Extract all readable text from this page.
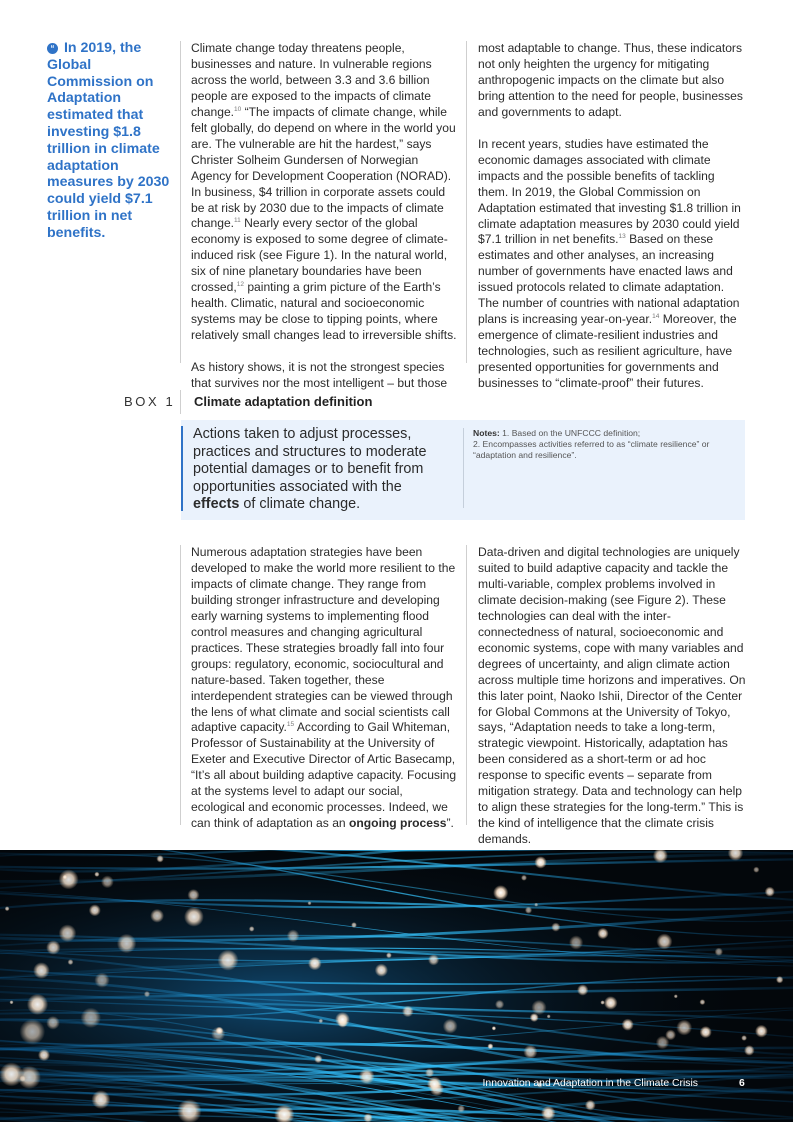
“ In 2019, the Global Commission on Adaptation estimated that investing $1.8 trillion in climate adaptation measures by 2030 could yield $7.1 trillion in net benefits.

Climate change today threatens people, businesses and nature. In vulnerable regions across the world, between 3.3 and 3.6 billion people are exposed to the impacts of climate change.$^{10}$ “The impacts of climate change, while felt globally, do depend on where in the world you are. The vulnerable are hit the hardest,” says Christer Solheim Gundersen of Norwegian Agency for Development Cooperation (NORAD). In business, $4 trillion in corporate assets could be at risk by 2030 due to the impacts of climate change.$^{11}$ Nearly every sector of the global economy is exposed to some degree of climate-induced risk (see Figure 1). In the natural world, six of nine planetary boundaries have been crossed,$^{12}$ painting a grim picture of the Earth’s health. Climatic, natural and socioeconomic systems may be close to tipping points, where relatively small changes lead to irreversible shifts.

As history shows, it is not the strongest species that survives nor the most intelligent – but those

most adaptable to change. Thus, these indicators not only heighten the urgency for mitigating anthropogenic impacts on the climate but also bring attention to the need for people, businesses and governments to adapt.

In recent years, studies have estimated the economic damages associated with climate impacts and the possible benefits of tackling them. In 2019, the Global Commission on Adaptation estimated that investing $1.8 trillion in climate adaptation measures by 2030 could yield $7.1 trillion in net benefits.$^{13}$ Based on these estimates and other analyses, an increasing number of governments have enacted laws and issued protocols related to climate adaptation. The number of countries with national adaptation plans is increasing year-on-year.$^{14}$ Moreover, the emergence of climate-resilient industries and technologies, such as resilient agriculture, have presented opportunities for governments and businesses to “climate-proof” their futures.

BOX 1 Climate adaptation definition
Actions taken to adjust processes, practices and structures to moderate potential damages or to benefit from opportunities associated with the effects of climate change.
Notes: 1. Based on the UNFCCC definition;
2. Encompasses activities referred to as “climate resilience” or “adaptation and resilience”.

Numerous adaptation strategies have been developed to make the world more resilient to the impacts of climate change. They range from building stronger infrastructure and developing early warning systems to implementing flood control measures and changing agricultural practices. These strategies broadly fall into four groups: regulatory, economic, sociocultural and nature-based. Taken together, these interdependent strategies can be viewed through the lens of what climate and social scientists call adaptive capacity.$^{15}$ According to Gail Whiteman, Professor of Sustainability at the University of Exeter and Executive Director of Artic Basecamp, “It’s all about building adaptive capacity. Focusing at the systems level to adapt our social, ecological and economic processes. Indeed, we can think of adaptation as an ongoing process”.

Data-driven and digital technologies are uniquely suited to build adaptive capacity and tackle the multi-variable, complex problems involved in climate decision-making (see Figure 2). These technologies can deal with the inter-connectedness of natural, socioeconomic and economic systems, cope with many variables and degrees of uncertainty, and align climate action across multiple time horizons and imperatives. On this later point, Naoko Ishii, Director of the Center for Global Commons at the University of Tokyo, says, “Adaptation needs to take a long-term, strategic viewpoint. Historically, adaptation has been considered as a short-term or ad hoc response to specific events – separate from mitigation strategy. Data and technology can help to align these strategies for the long-term.” This is the kind of intelligence that the climate crisis demands.

Innovation and Adaptation in the Climate Crisis	6
